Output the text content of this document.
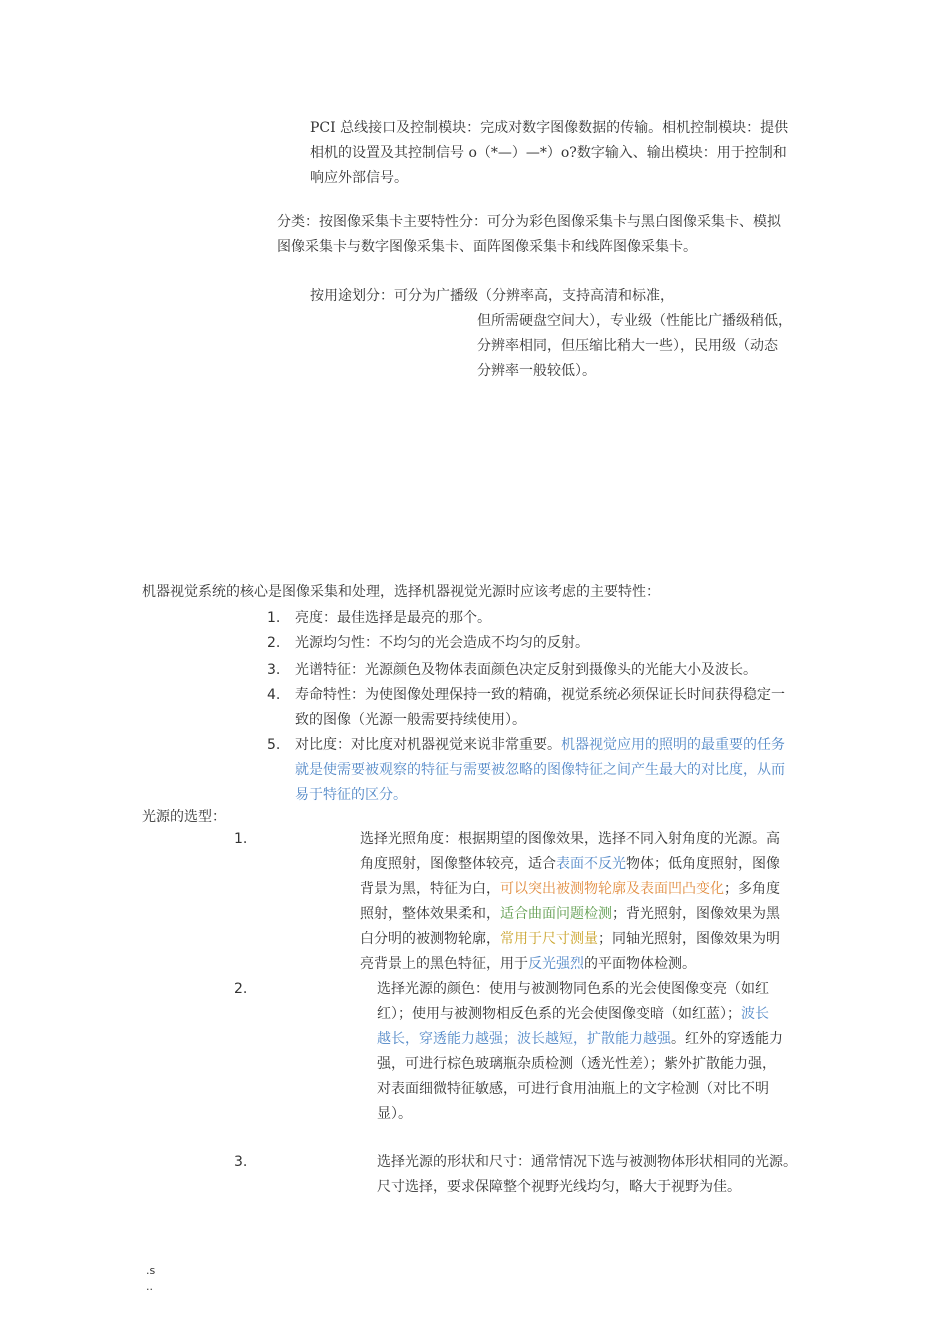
PCI 总线接口及控制模块：完成对数字图像数据的传输。相机控制模块：提供
相机的设置及其控制信号 o（*—）—*）o?数字输入、输出模块：用于控制和
响应外部信号。
分类：按图像采集卡主要特性分：可分为彩色图像采集卡与黑白图像采集卡、模拟
图像采集卡与数字图像采集卡、面阵图像采集卡和线阵图像采集卡。
按用途划分：可分为广播级（分辨率高，支持高清和标准，
但所需硬盘空间大），专业级（性能比广播级稍低，
分辨率相同，但压缩比稍大一些），民用级（动态
分辨率一般较低）。
机器视觉系统的核心是图像采集和处理，选择机器视觉光源时应该考虑的主要特性：
1. 亮度：最佳选择是最亮的那个。
2. 光源均匀性：不均匀的光会造成不均匀的反射。
3. 光谱特征：光源颜色及物体表面颜色决定反射到摄像头的光能大小及波长。
4. 寿命特性：为使图像处理保持一致的精确，视觉系统必须保证长时间获得稳定一
致的图像（光源一般需要持续使用）。
5. 对比度：对比度对机器视觉来说非常重要。机器视觉应用的照明的最重要的任务
就是使需要被观察的特征与需要被忽略的图像特征之间产生最大的对比度，从而
易于特征的区分。
光源的选型：
1.	选择光照角度：根据期望的图像效果，选择不同入射角度的光源。高
角度照射，图像整体较亮，适合表面不反光物体；低角度照射，图像
背景为黑，特征为白，可以突出被测物轮廓及表面凹凸变化；多角度
照射，整体效果柔和，适合曲面问题检测；背光照射，图像效果为黑
白分明的被测物轮廓，常用于尺寸测量；同轴光照射，图像效果为明
亮背景上的黑色特征，用于反光强烈的平面物体检测。
2.	选择光源的颜色：使用与被测物同色系的光会使图像变亮（如红
红）；使用与被测物相反色系的光会使图像变暗（如红蓝）；波长
越长，穿透能力越强；波长越短，扩散能力越强。红外的穿透能力
强，可进行棕色玻璃瓶杂质检测（透光性差）；紫外扩散能力强，
对表面细微特征敏感，可进行食用油瓶上的文字检测（对比不明
显）。
3.	选择光源的形状和尺寸：通常情况下选与被测物体形状相同的光源。
尺寸选择，要求保障整个视野光线均匀，略大于视野为佳。
.s
..
